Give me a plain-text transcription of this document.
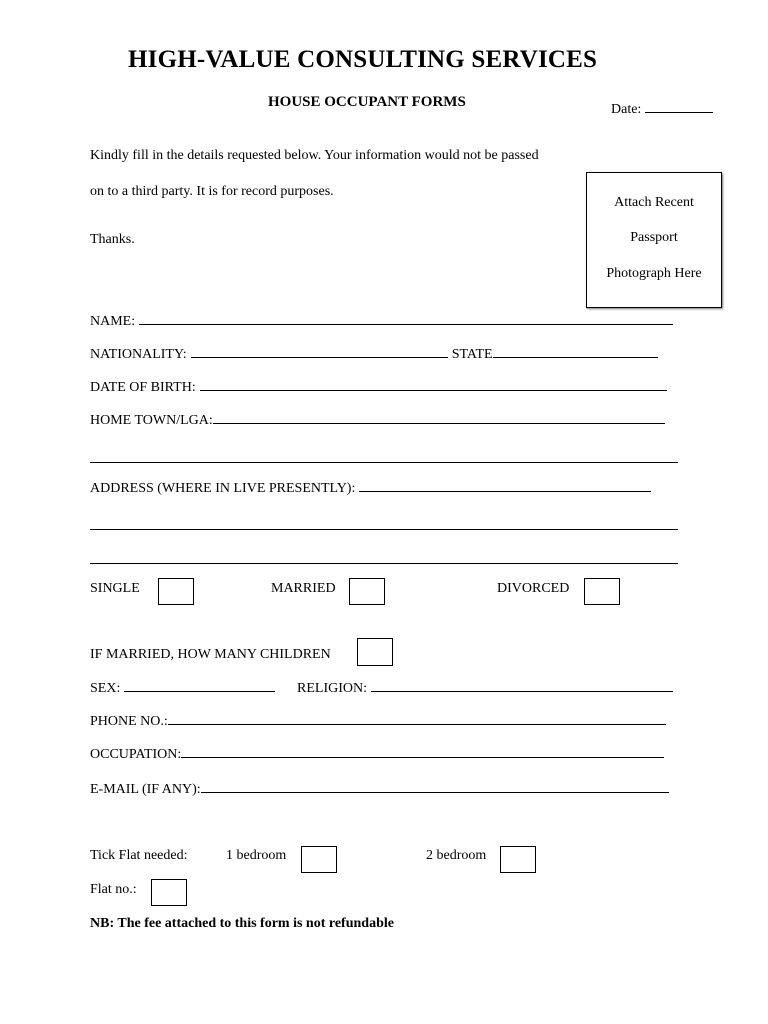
HIGH-VALUE CONSULTING SERVICES
HOUSE OCCUPANT FORMS	Date:
Kindly fill in the details requested below. Your information would not be passed
on to a third party. It is for record purposes.
Thanks.
Attach Recent
Passport
Photograph Here
NAME:
NATIONALITY:	STATE
DATE OF BIRTH:
HOME TOWN/LGA:
ADDRESS (WHERE IN LIVE PRESENTLY):
SINGLE	MARRIED	DIVORCED
IF MARRIED, HOW MANY CHILDREN
SEX:	RELIGION:
PHONE NO.:
OCCUPATION:
E-MAIL (IF ANY):
Tick Flat needed:	1 bedroom	2 bedroom
Flat no.:
NB: The fee attached to this form is not refundable
